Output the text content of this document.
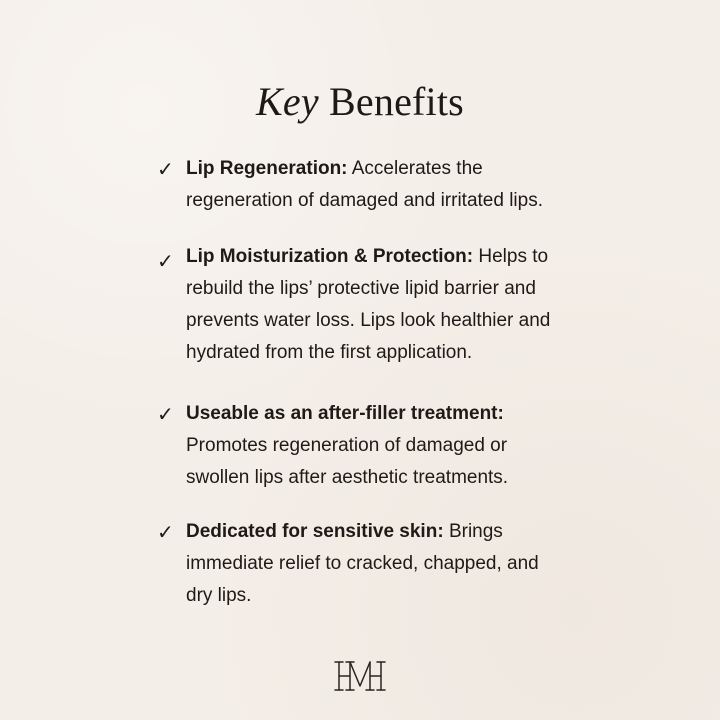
Key Benefits
✓ Lip Regeneration: Accelerates the regeneration of damaged and irritated lips.
✓ Lip Moisturization & Protection: Helps to rebuild the lips’ protective lipid barrier and prevents water loss. Lips look healthier and hydrated from the first application.
✓ Useable as an after-filler treatment: Promotes regeneration of damaged or swollen lips after aesthetic treatments.
✓ Dedicated for sensitive skin: Brings immediate relief to cracked, chapped, and dry lips.
